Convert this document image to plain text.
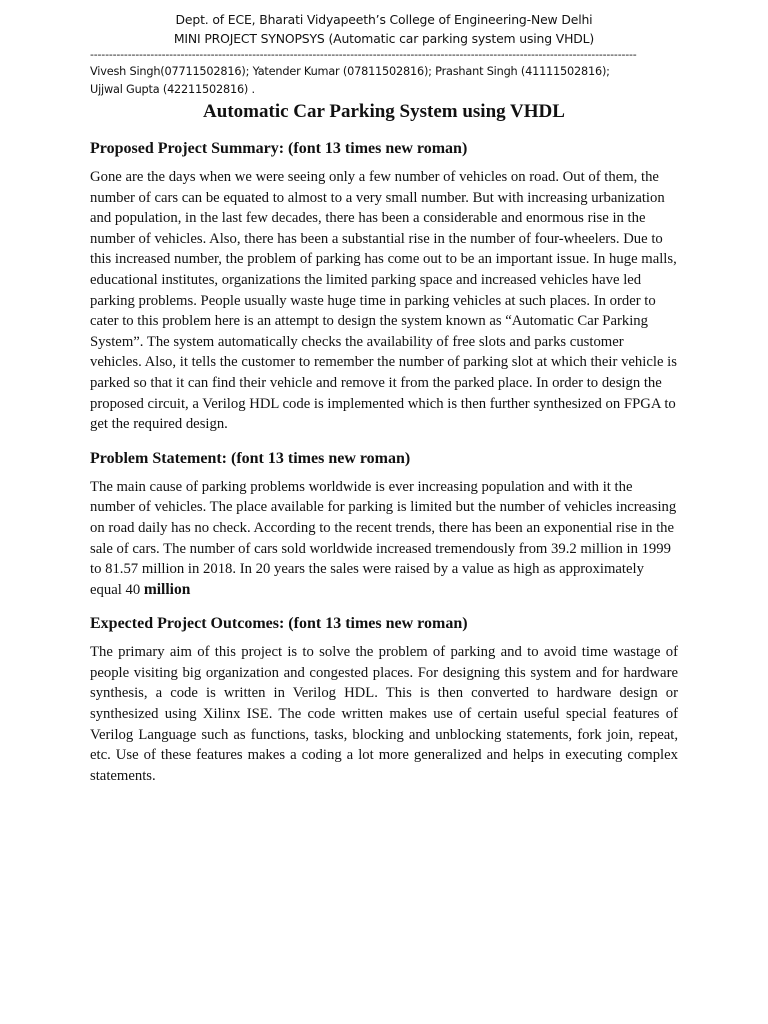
Dept. of ECE, Bharati Vidyapeeth’s College of Engineering-New Delhi
MINI PROJECT SYNOPSYS (Automatic car parking system using VHDL)
-------------------------------------------------------------------------------------------------------------------------------------------------
Vivesh Singh(07711502816); Yatender Kumar (07811502816); Prashant Singh (41111502816);
Ujjwal Gupta (42211502816) .
Automatic Car Parking System using VHDL
Proposed Project Summary: (font 13 times new roman)

Gone are the days when we were seeing only a few number of vehicles on road. Out of them, the number of cars can be equated to almost to a very small number. But with increasing urbanization and population, in the last few decades, there has been a considerable and enormous rise in the number of vehicles. Also, there has been a substantial rise in the number of four-wheelers. Due to this increased number, the problem of parking has come out to be an important issue. In huge malls, educational institutes, organizations the limited parking space and increased vehicles have led parking problems. People usually waste huge time in parking vehicles at such places. In order to cater to this problem here is an attempt to design the system known as “Automatic Car Parking System”. The system automatically checks the availability of free slots and parks customer vehicles. Also, it tells the customer to remember the number of parking slot at which their vehicle is parked so that it can find their vehicle and remove it from the parked place. In order to design the proposed circuit, a Verilog HDL code is implemented which is then further synthesized on FPGA to get the required design.

Problem Statement: (font 13 times new roman)

The main cause of parking problems worldwide is ever increasing population and with it the number of vehicles. The place available for parking is limited but the number of vehicles increasing on road daily has no check. According to the recent trends, there has been an exponential rise in the sale of cars. The number of cars sold worldwide increased tremendously from 39.2 million in 1999 to 81.57 million in 2018. In 20 years the sales were raised by a value as high as approximately equal 40 million

Expected Project Outcomes: (font 13 times new roman)

The primary aim of this project is to solve the problem of parking and to avoid time wastage of people visiting big organization and congested places. For designing this system and for hardware synthesis, a code is written in Verilog HDL. This is then converted to hardware design or synthesized using Xilinx ISE. The code written makes use of certain useful special features of Verilog Language such as functions, tasks, blocking and unblocking statements, fork join, repeat, etc. Use of these features makes a coding a lot more generalized and helps in executing complex statements.
